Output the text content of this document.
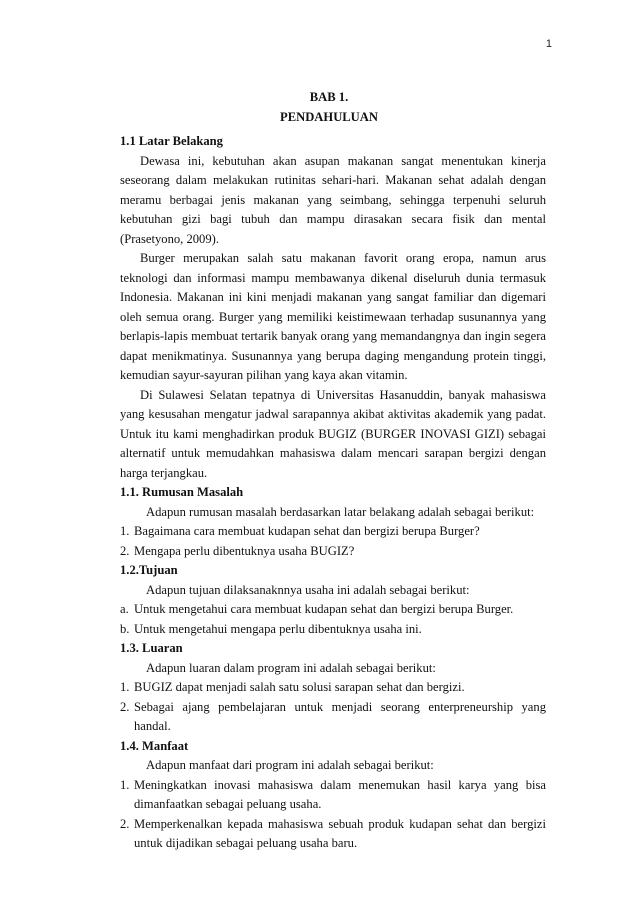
1
BAB 1.
PENDAHULUAN
1.1 Latar Belakang
Dewasa ini, kebutuhan akan asupan makanan sangat menentukan kinerja seseorang dalam melakukan rutinitas sehari-hari. Makanan sehat adalah dengan meramu berbagai jenis makanan yang seimbang, sehingga terpenuhi seluruh kebutuhan gizi bagi tubuh dan mampu dirasakan secara fisik dan mental (Prasetyono, 2009).
Burger merupakan salah satu makanan favorit orang eropa, namun arus teknologi dan informasi mampu membawanya dikenal diseluruh dunia termasuk Indonesia. Makanan ini kini menjadi makanan yang sangat familiar dan digemari oleh semua orang. Burger yang memiliki keistimewaan terhadap susunannya yang berlapis-lapis membuat tertarik banyak orang yang memandangnya dan ingin segera dapat menikmatinya. Susunannya yang berupa daging mengandung protein tinggi, kemudian sayur-sayuran pilihan yang kaya akan vitamin.
Di Sulawesi Selatan tepatnya di Universitas Hasanuddin, banyak mahasiswa yang kesusahan mengatur jadwal sarapannya akibat aktivitas akademik yang padat. Untuk itu kami menghadirkan produk BUGIZ (BURGER INOVASI GIZI) sebagai alternatif untuk memudahkan mahasiswa dalam mencari sarapan bergizi dengan harga terjangkau.
1.1. Rumusan Masalah
Adapun rumusan masalah berdasarkan latar belakang adalah sebagai berikut:
1. Bagaimana cara membuat kudapan sehat dan bergizi berupa Burger?
2. Mengapa perlu dibentuknya usaha BUGIZ?
1.2.Tujuan
Adapun tujuan dilaksanaknnya usaha ini adalah sebagai berikut:
a. Untuk mengetahui cara membuat kudapan sehat dan bergizi berupa Burger.
b. Untuk mengetahui mengapa perlu dibentuknya usaha ini.
1.3. Luaran
Adapun luaran dalam program ini adalah sebagai berikut:
1. BUGIZ dapat menjadi salah satu solusi sarapan sehat dan bergizi.
2. Sebagai ajang pembelajaran untuk menjadi seorang enterpreneurship yang handal.
1.4. Manfaat
Adapun manfaat dari program ini adalah sebagai berikut:
1. Meningkatkan inovasi mahasiswa dalam menemukan hasil karya yang bisa dimanfaatkan sebagai peluang usaha.
2. Memperkenalkan kepada mahasiswa sebuah produk kudapan sehat dan bergizi untuk dijadikan sebagai peluang usaha baru.
